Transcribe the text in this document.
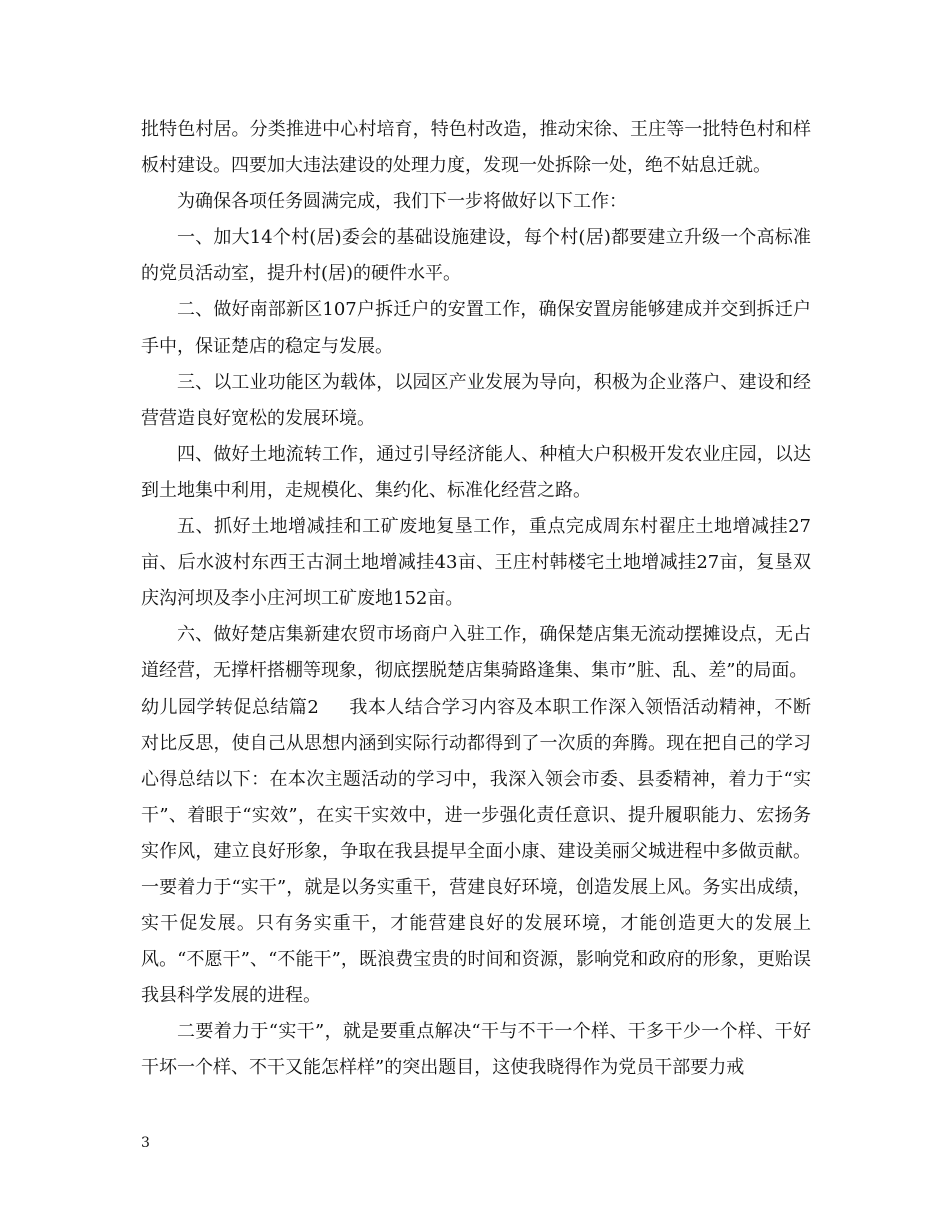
批特色村居。分类推进中心村培育，特色村改造，推动宋徐、王庄等一批特色村和样板村建设。四要加大违法建设的处理力度，发现一处拆除一处，绝不姑息迁就。

为确保各项任务圆满完成，我们下一步将做好以下工作：

一、加大14个村(居)委会的基础设施建设，每个村(居)都要建立升级一个高标准的党员活动室，提升村(居)的硬件水平。

二、做好南部新区107户拆迁户的安置工作，确保安置房能够建成并交到拆迁户手中，保证楚店的稳定与发展。

三、以工业功能区为载体，以园区产业发展为导向，积极为企业落户、建设和经营营造良好宽松的发展环境。

四、做好土地流转工作，通过引导经济能人、种植大户积极开发农业庄园，以达到土地集中利用，走规模化、集约化、标准化经营之路。

五、抓好土地增减挂和工矿废地复垦工作，重点完成周东村翟庄土地增减挂27亩、后水波村东西王古洞土地增减挂43亩、王庄村韩楼宅土地增减挂27亩，复垦双庆沟河坝及李小庄河坝工矿废地152亩。

六、做好楚店集新建农贸市场商户入驻工作，确保楚店集无流动摆摊设点，无占道经营，无撑杆搭棚等现象，彻底摆脱楚店集骑路逢集、集市”脏、乱、差”的局面。

幼儿园学转促总结篇2 我本人结合学习内容及本职工作深入领悟活动精神，不断对比反思，使自己从思想内涵到实际行动都得到了一次质的奔腾。现在把自己的学习心得总结以下：在本次主题活动的学习中，我深入领会市委、县委精神，着力于“实干”、着眼于“实效”，在实干实效中，进一步强化责任意识、提升履职能力、宏扬务实作风，建立良好形象，争取在我县提早全面小康、建设美丽父城进程中多做贡献。一要着力于“实干”，就是以务实重干，营建良好环境，创造发展上风。务实出成绩，实干促发展。只有务实重干，才能营建良好的发展环境，才能创造更大的发展上风。“不愿干”、“不能干”，既浪费宝贵的时间和资源，影响党和政府的形象，更贻误我县科学发展的进程。

二要着力于“实干”，就是要重点解决“干与不干一个样、干多干少一个样、干好干坏一个样、不干又能怎样样”的突出题目，这使我晓得作为党员干部要力戒

3
